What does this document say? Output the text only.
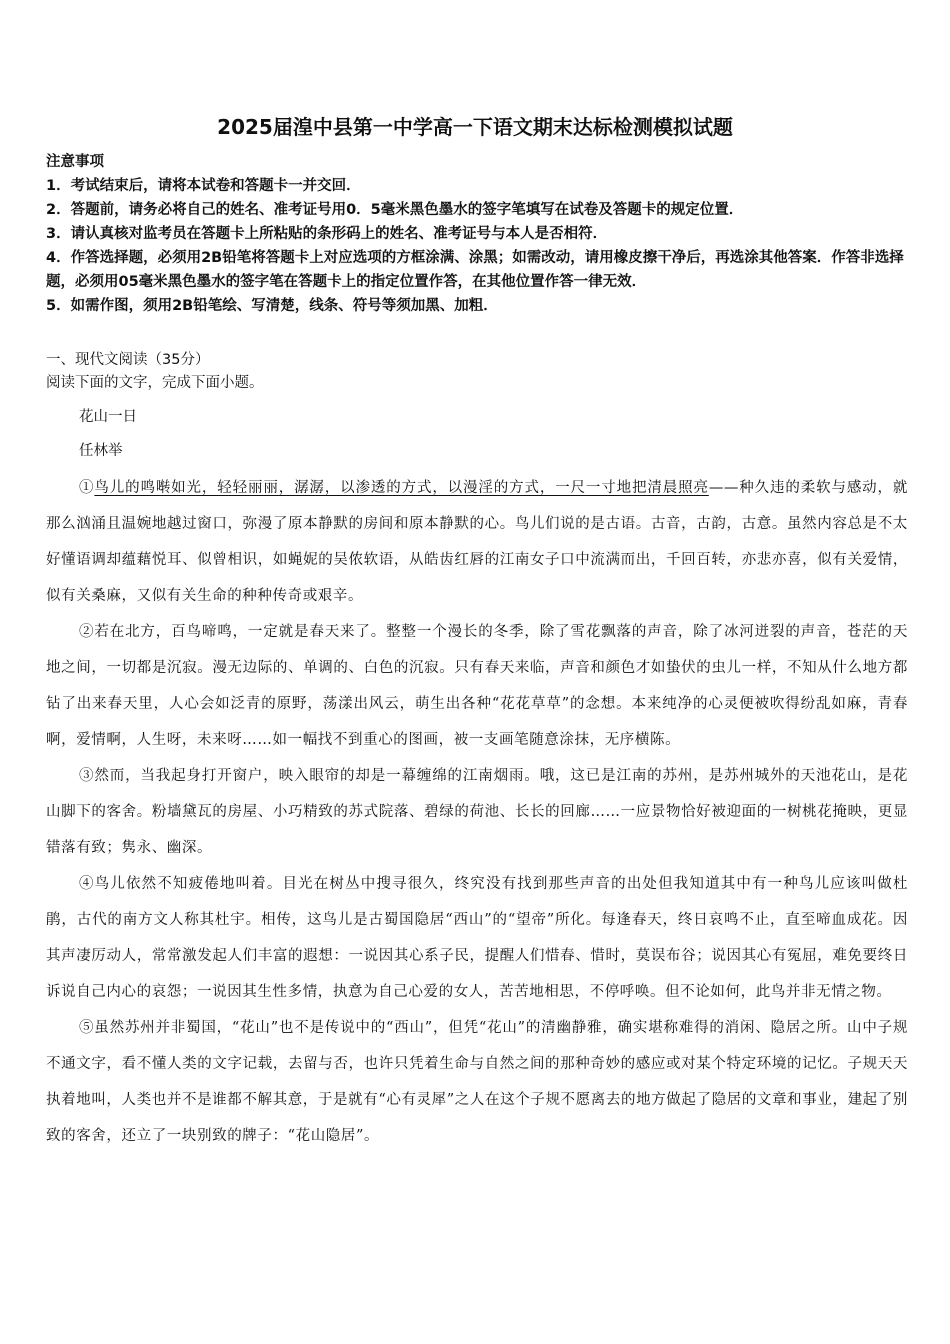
2025届湟中县第一中学高一下语文期末达标检测模拟试题
注意事项
1．考试结束后，请将本试卷和答题卡一并交回．
2．答题前，请务必将自己的姓名、准考证号用0．5毫米黑色墨水的签字笔填写在试卷及答题卡的规定位置．
3．请认真核对监考员在答题卡上所粘贴的条形码上的姓名、准考证号与本人是否相符．
4．作答选择题，必须用2B铅笔将答题卡上对应选项的方框涂满、涂黑；如需改动，请用橡皮擦干净后，再选涂其他答案．作答非选择题，必须用05毫米黑色墨水的签字笔在答题卡上的指定位置作答，在其他位置作答一律无效．
5．如需作图，须用2B铅笔绘、写清楚，线条、符号等须加黑、加粗．
一、现代文阅读（35分）
阅读下面的文字，完成下面小题。
花山一日
任林举

①鸟儿的鸣啭如光，轻轻丽丽，潺潺，以渗透的方式，以漫淫的方式，一尺一寸地把清晨照亮——种久违的柔软与感动，就那么汹涌且温婉地越过窗口，弥漫了原本静默的房间和原本静默的心。鸟儿们说的是古语。古音，古韵，古意。虽然内容总是不太好懂语调却蕴藉悦耳、似曾相识，如蝇妮的吴侬软语，从皓齿红唇的江南女子口中流满而出，千回百转，亦悲亦喜，似有关爱情，似有关桑麻，又似有关生命的种种传奇或艰辛。

②若在北方，百鸟啼鸣，一定就是春天来了。整整一个漫长的冬季，除了雪花飘落的声音，除了冰河迸裂的声音，苍茫的天地之间，一切都是沉寂。漫无边际的、单调的、白色的沉寂。只有春天来临，声音和颜色才如蛰伏的虫儿一样，不知从什么地方都钻了出来春天里，人心会如泛青的原野，荡漾出风云，萌生出各种“花花草草”的念想。本来纯净的心灵便被吹得纷乱如麻，青春啊，爱情啊，人生呀，未来呀……如一幅找不到重心的图画，被一支画笔随意涂抹，无序横陈。

③然而，当我起身打开窗户，映入眼帘的却是一幕缠绵的江南烟雨。哦，这已是江南的苏州，是苏州城外的天池花山，是花山脚下的客舍。粉墙黛瓦的房屋、小巧精致的苏式院落、碧绿的荷池、长长的回廊……一应景物恰好被迎面的一树桃花掩映，更显错落有致；隽永、幽深。

④鸟儿依然不知疲倦地叫着。目光在树丛中搜寻很久，终究没有找到那些声音的出处但我知道其中有一种鸟儿应该叫做杜鹃，古代的南方文人称其杜宇。相传，这鸟儿是古蜀国隐居“西山”的“望帝”所化。每逢春天，终日哀鸣不止，直至啼血成花。因其声凄厉动人，常常激发起人们丰富的遐想：一说因其心系子民，提醒人们惜春、惜时，莫误布谷；说因其心有冤屈，难免要终日诉说自己内心的哀怨；一说因其生性多情，执意为自己心爱的女人，苦苦地相思，不停呼唤。但不论如何，此鸟并非无情之物。

⑤虽然苏州并非蜀国，“花山”也不是传说中的“西山”，但凭“花山”的清幽静雅，确实堪称难得的消闲、隐居之所。山中子规不通文字，看不懂人类的文字记载，去留与否，也许只凭着生命与自然之间的那种奇妙的感应或对某个特定环境的记忆。子规天天执着地叫，人类也并不是谁都不解其意，于是就有“心有灵犀”之人在这个子规不愿离去的地方做起了隐居的文章和事业，建起了别致的客舍，还立了一块别致的牌子：“花山隐居”。
